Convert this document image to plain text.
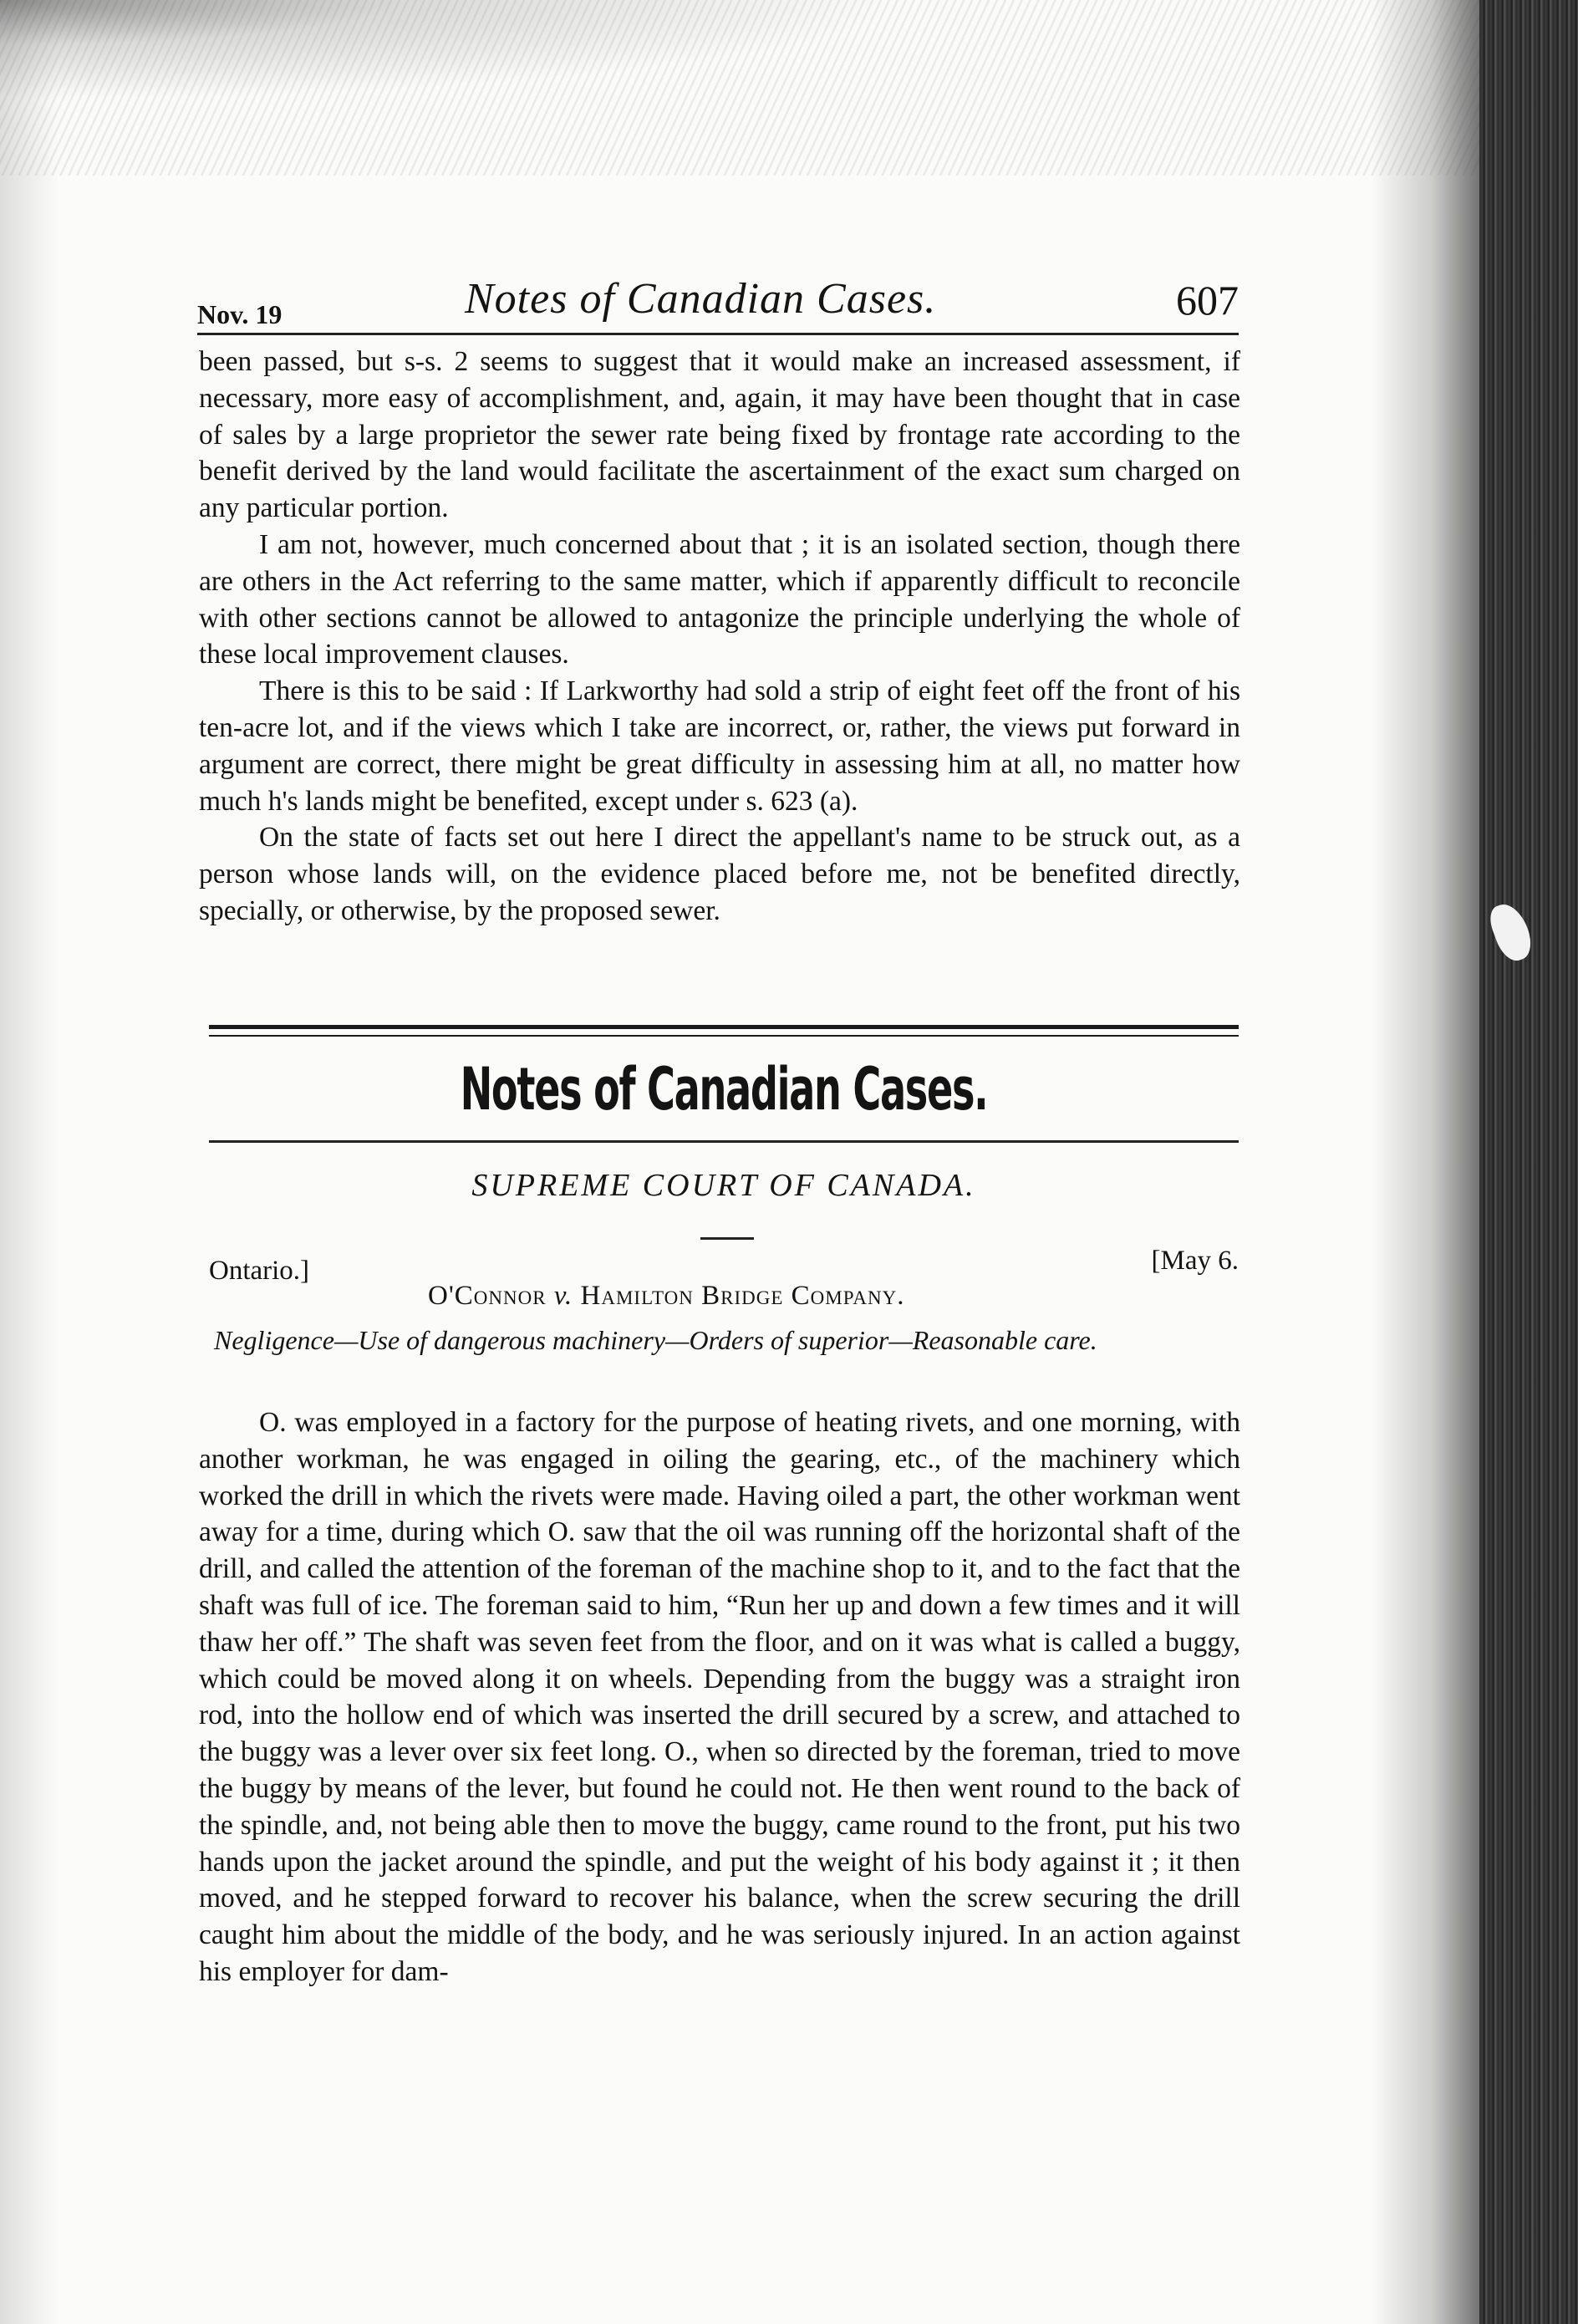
Nov. 19	Notes of Canadian Cases.	607

been passed, but s-s. 2 seems to suggest that it would make an increased assessment, if necessary, more easy of accomplishment, and, again, it may have been thought that in case of sales by a large proprietor the sewer rate being fixed by frontage rate according to the benefit derived by the land would facilitate the ascertainment of the exact sum charged on any particular portion.

I am not, however, much concerned about that ; it is an isolated section, though there are others in the Act referring to the same matter, which if apparently difficult to reconcile with other sections cannot be allowed to antagonize the principle underlying the whole of these local improvement clauses.

There is this to be said : If Larkworthy had sold a strip of eight feet off the front of his ten-acre lot, and if the views which I take are incorrect, or, rather, the views put forward in argument are correct, there might be great difficulty in assessing him at all, no matter how much h's lands might be benefited, except under s. 623 (a).

On the state of facts set out here I direct the appellant's name to be struck out, as a person whose lands will, on the evidence placed before me, not be benefited directly, specially, or otherwise, by the proposed sewer.

Notes of Canadian Cases.
SUPREME COURT OF CANADA.
Ontario.]	[May 6.
O'Connor v. Hamilton Bridge Company.
Negligence—Use of dangerous machinery—Orders of superior—Reasonable care.

O. was employed in a factory for the purpose of heating rivets, and one morning, with another workman, he was engaged in oiling the gearing, etc., of the machinery which worked the drill in which the rivets were made. Having oiled a part, the other workman went away for a time, during which O. saw that the oil was running off the horizontal shaft of the drill, and called the attention of the foreman of the machine shop to it, and to the fact that the shaft was full of ice. The foreman said to him, “Run her up and down a few times and it will thaw her off.” The shaft was seven feet from the floor, and on it was what is called a buggy, which could be moved along it on wheels. Depending from the buggy was a straight iron rod, into the hollow end of which was inserted the drill secured by a screw, and attached to the buggy was a lever over six feet long. O., when so directed by the foreman, tried to move the buggy by means of the lever, but found he could not. He then went round to the back of the spindle, and, not being able then to move the buggy, came round to the front, put his two hands upon the jacket around the spindle, and put the weight of his body against it ; it then moved, and he stepped forward to recover his balance, when the screw securing the drill caught him about the middle of the body, and he was seriously injured. In an action against his employer for dam-
